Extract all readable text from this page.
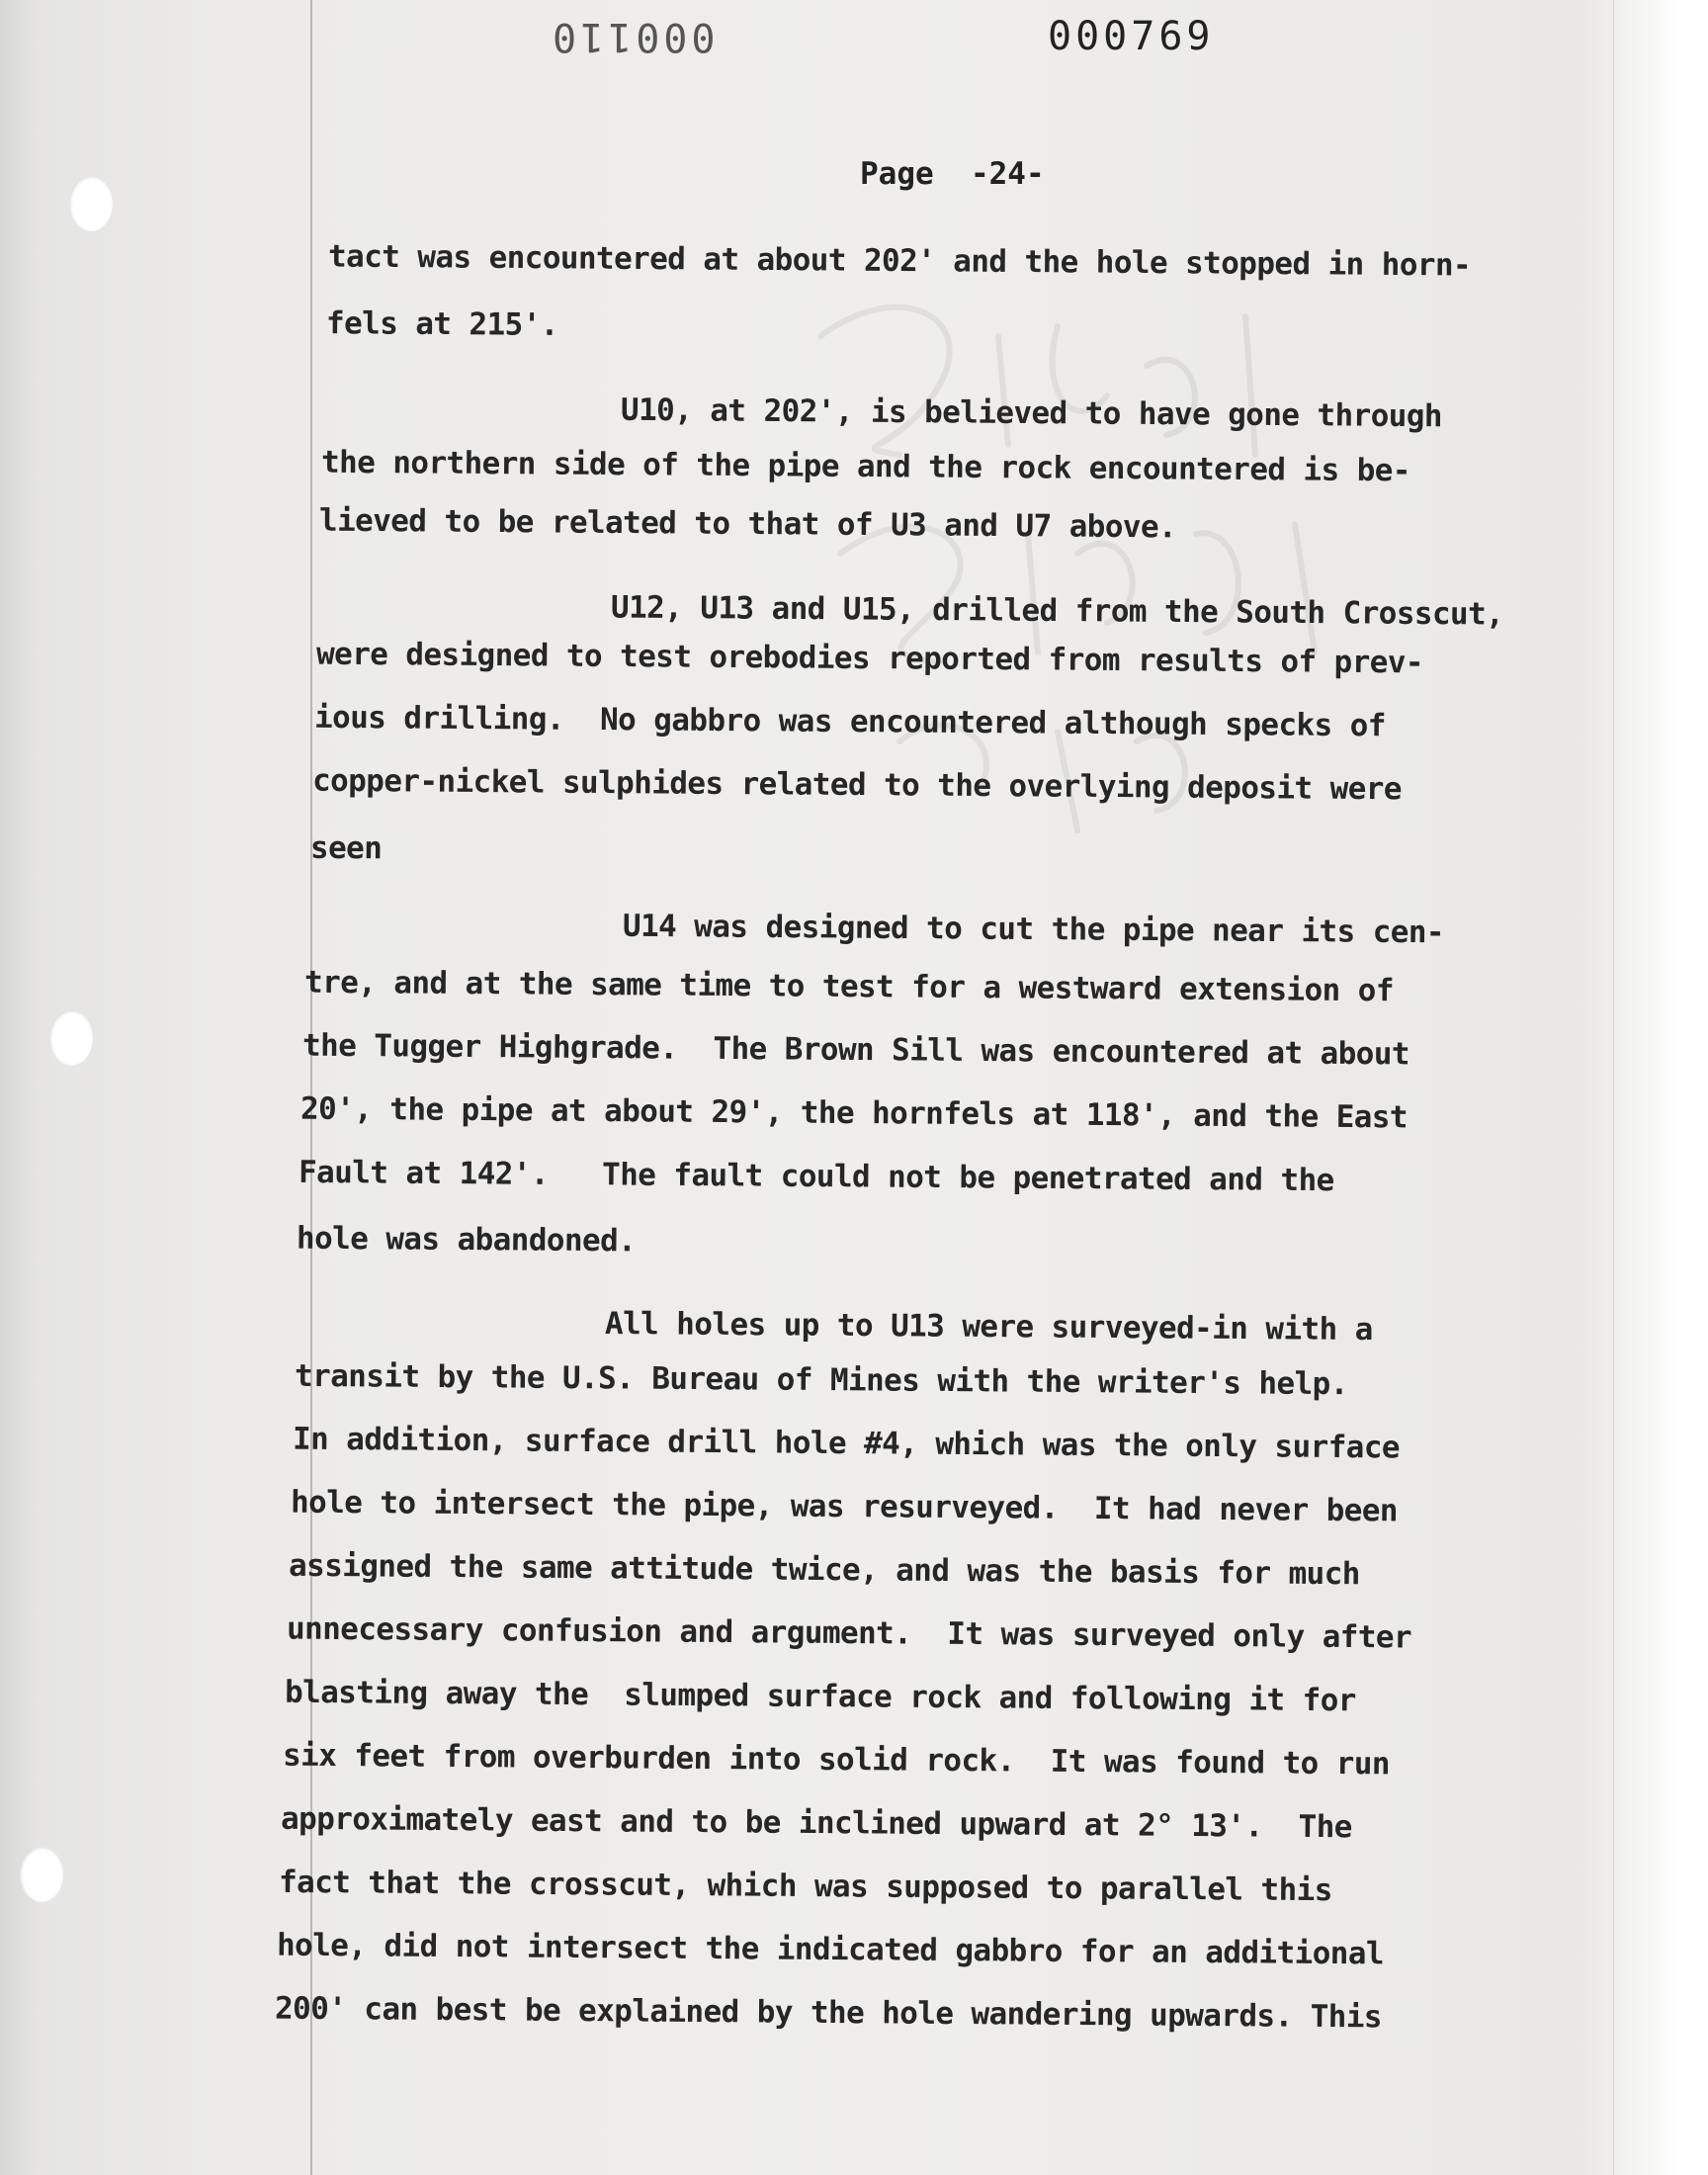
000110	000769
Page  -24-
tact was encountered at about 202' and the hole stopped in horn-
fels at 215'.
U10, at 202', is believed to have gone through
the northern side of the pipe and the rock encountered is be-
lieved to be related to that of U3 and U7 above.
U12, U13 and U15, drilled from the South Crosscut,
were designed to test orebodies reported from results of prev-
ious drilling.  No gabbro was encountered although specks of
copper-nickel sulphides related to the overlying deposit were
seen
U14 was designed to cut the pipe near its cen-
tre, and at the same time to test for a westward extension of
the Tugger Highgrade.  The Brown Sill was encountered at about
20', the pipe at about 29', the hornfels at 118', and the East
Fault at 142'.   The fault could not be penetrated and the
hole was abandoned.
All holes up to U13 were surveyed-in with a
transit by the U.S. Bureau of Mines with the writer's help.
In addition, surface drill hole #4, which was the only surface
hole to intersect the pipe, was resurveyed.  It had never been
assigned the same attitude twice, and was the basis for much
unnecessary confusion and argument.  It was surveyed only after
blasting away the  slumped surface rock and following it for
six feet from overburden into solid rock.  It was found to run
approximately east and to be inclined upward at 2° 13'.  The
fact that the crosscut, which was supposed to parallel this
hole, did not intersect the indicated gabbro for an additional
200' can best be explained by the hole wandering upwards. This
